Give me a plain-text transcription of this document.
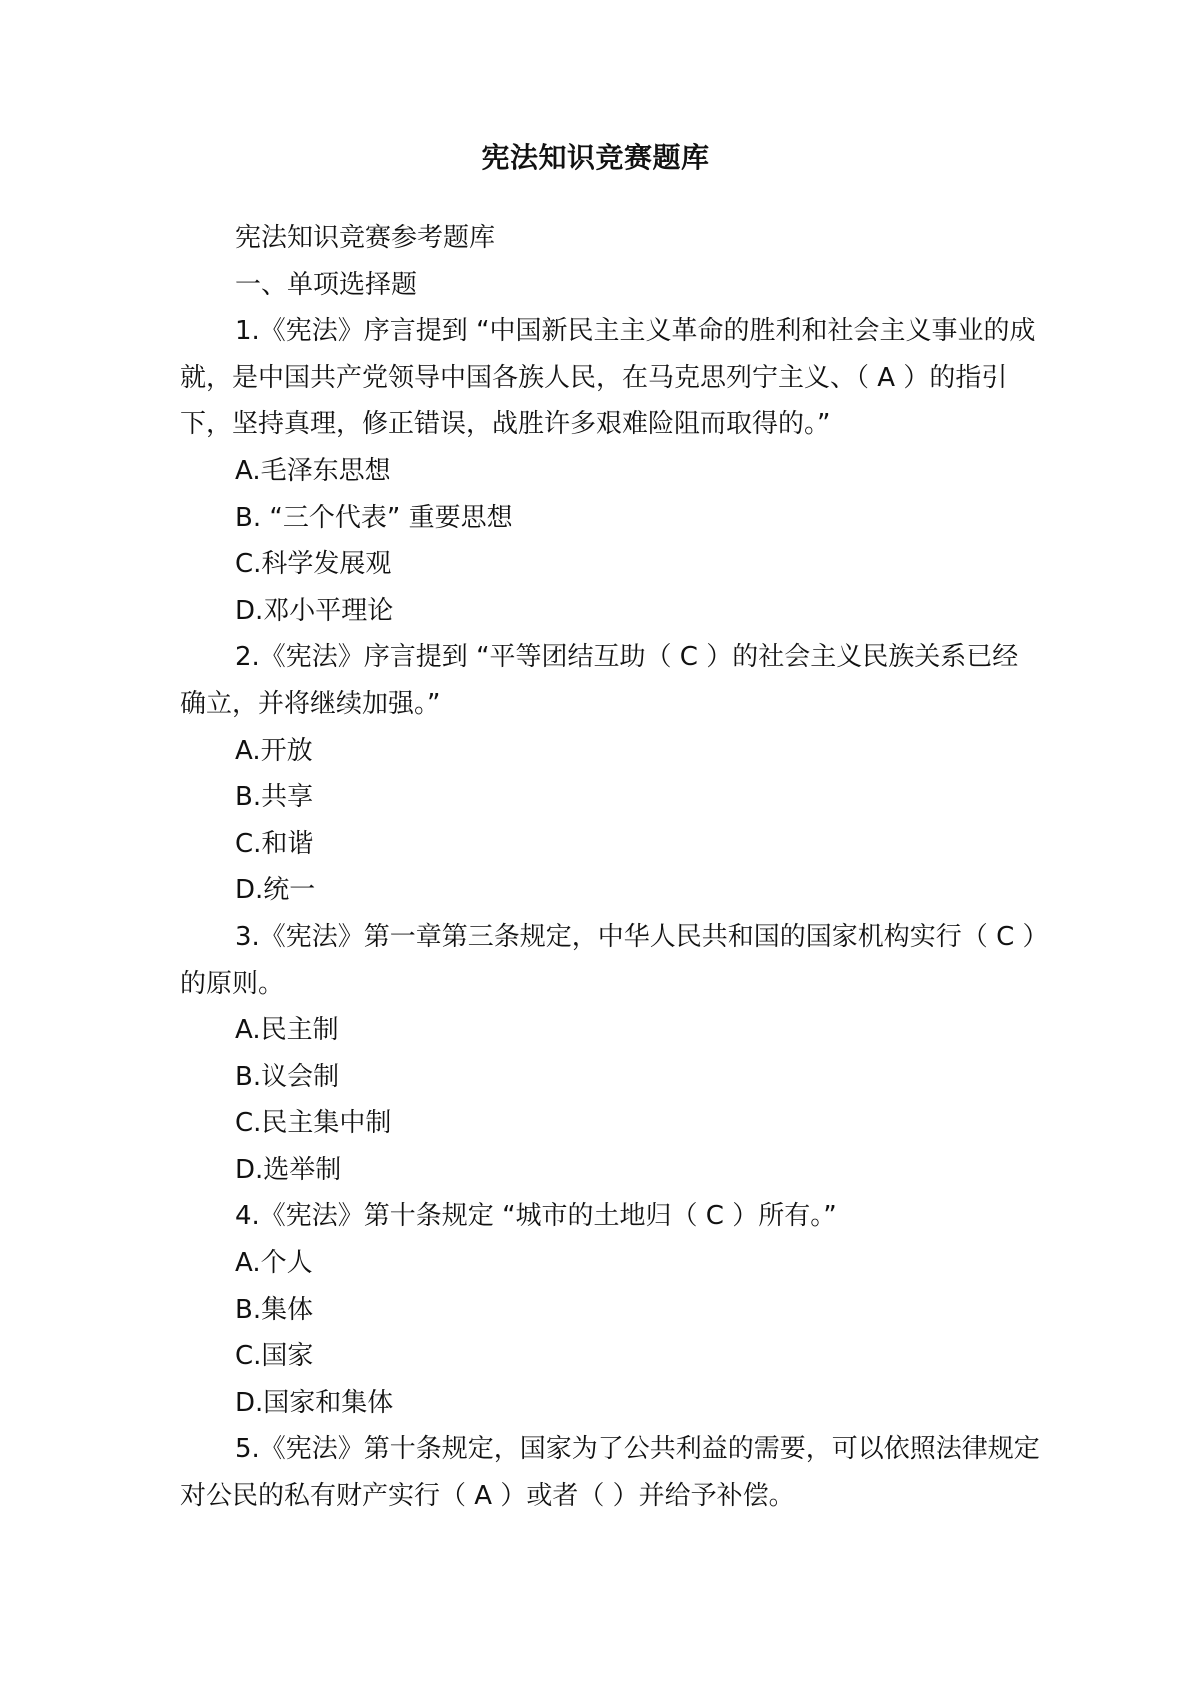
宪法知识竞赛题库

宪法知识竞赛参考题库

一、单项选择题

1.《宪法》序言提到 “中国新民主主义革命的胜利和社会主义事业的成就，是中国共产党领导中国各族人民，在马克思列宁主义、（ A ）的指引下，坚持真理，修正错误，战胜许多艰难险阻而取得的。”

A.毛泽东思想

B. “三个代表” 重要思想

C.科学发展观

D.邓小平理论

2.《宪法》序言提到 “平等团结互助（ C ）的社会主义民族关系已经确立，并将继续加强。”

A.开放

B.共享

C.和谐

D.统一

3.《宪法》第一章第三条规定，中华人民共和国的国家机构实行（ C ）的原则。

A.民主制

B.议会制

C.民主集中制

D.选举制

4.《宪法》第十条规定 “城市的土地归（ C ）所有。”

A.个人

B.集体

C.国家

D.国家和集体

5.《宪法》第十条规定，国家为了公共利益的需要，可以依照法律规定对公民的私有财产实行（ A ）或者（ ）并给予补偿。
